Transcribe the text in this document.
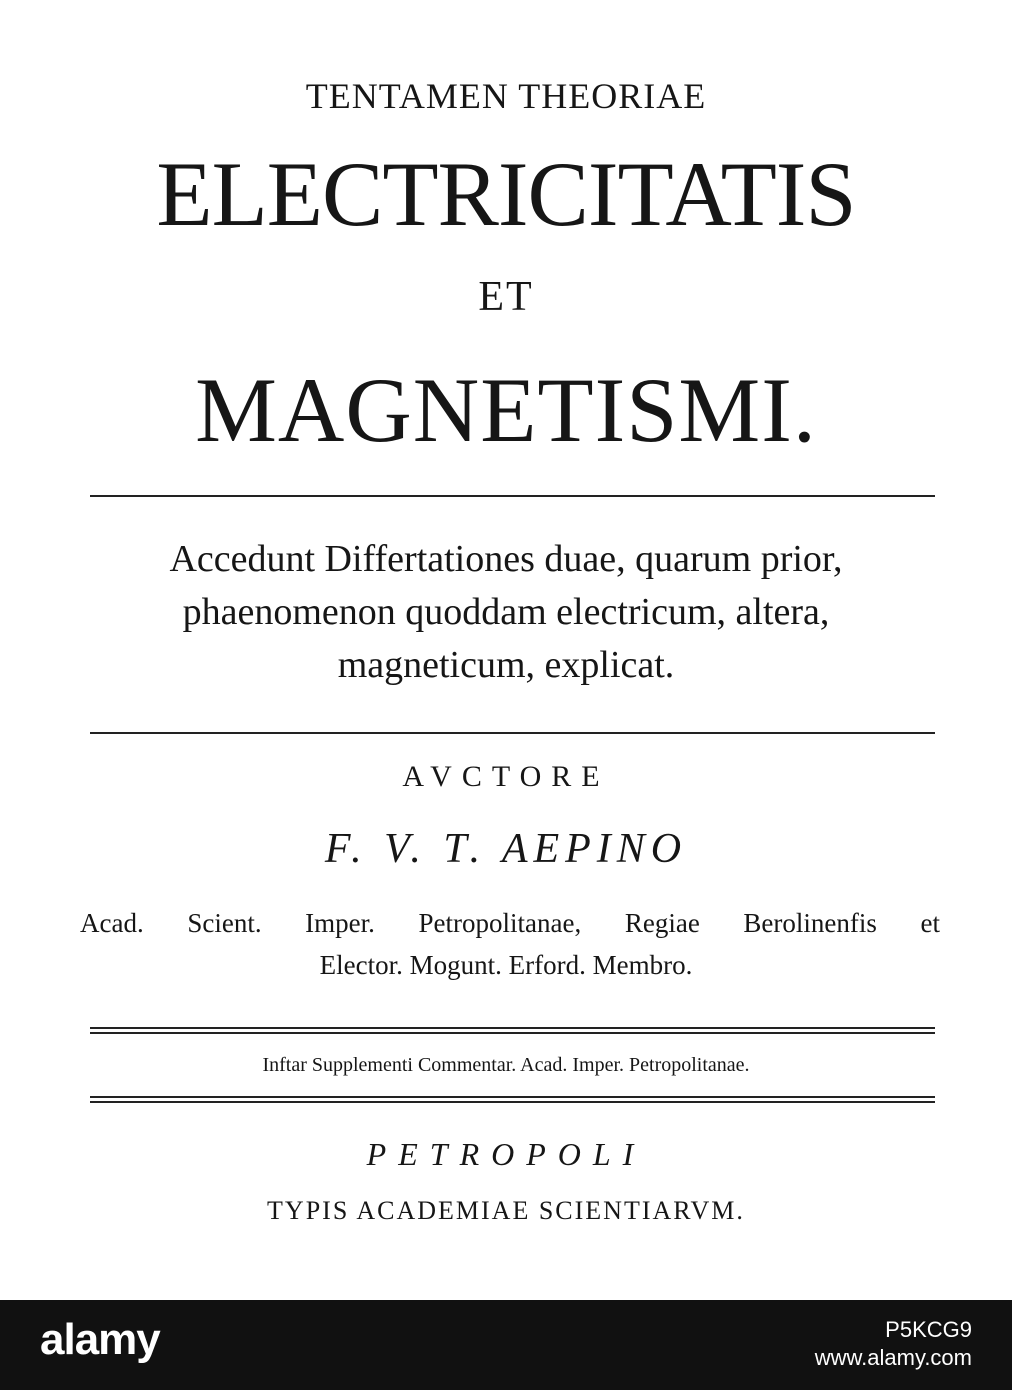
TENTAMEN THEORIAE
ELECTRICITATIS
ET
MAGNETISMI.
Accedunt Differtationes duae, quarum prior,
phaenomenon quoddam electricum, altera,
magneticum, explicat.
AVCTORE
F. V. T. AEPINO
Acad. Scient. Imper. Petropolitanae, Regiae Berolinenfis et
Elector. Mogunt. Erford. Membro.
Inftar Supplementi Commentar. Acad. Imper. Petropolitanae.
PETROPOLI
TYPIS ACADEMIAE SCIENTIARVM.
alamy	P5KCG9
www.alamy.com
